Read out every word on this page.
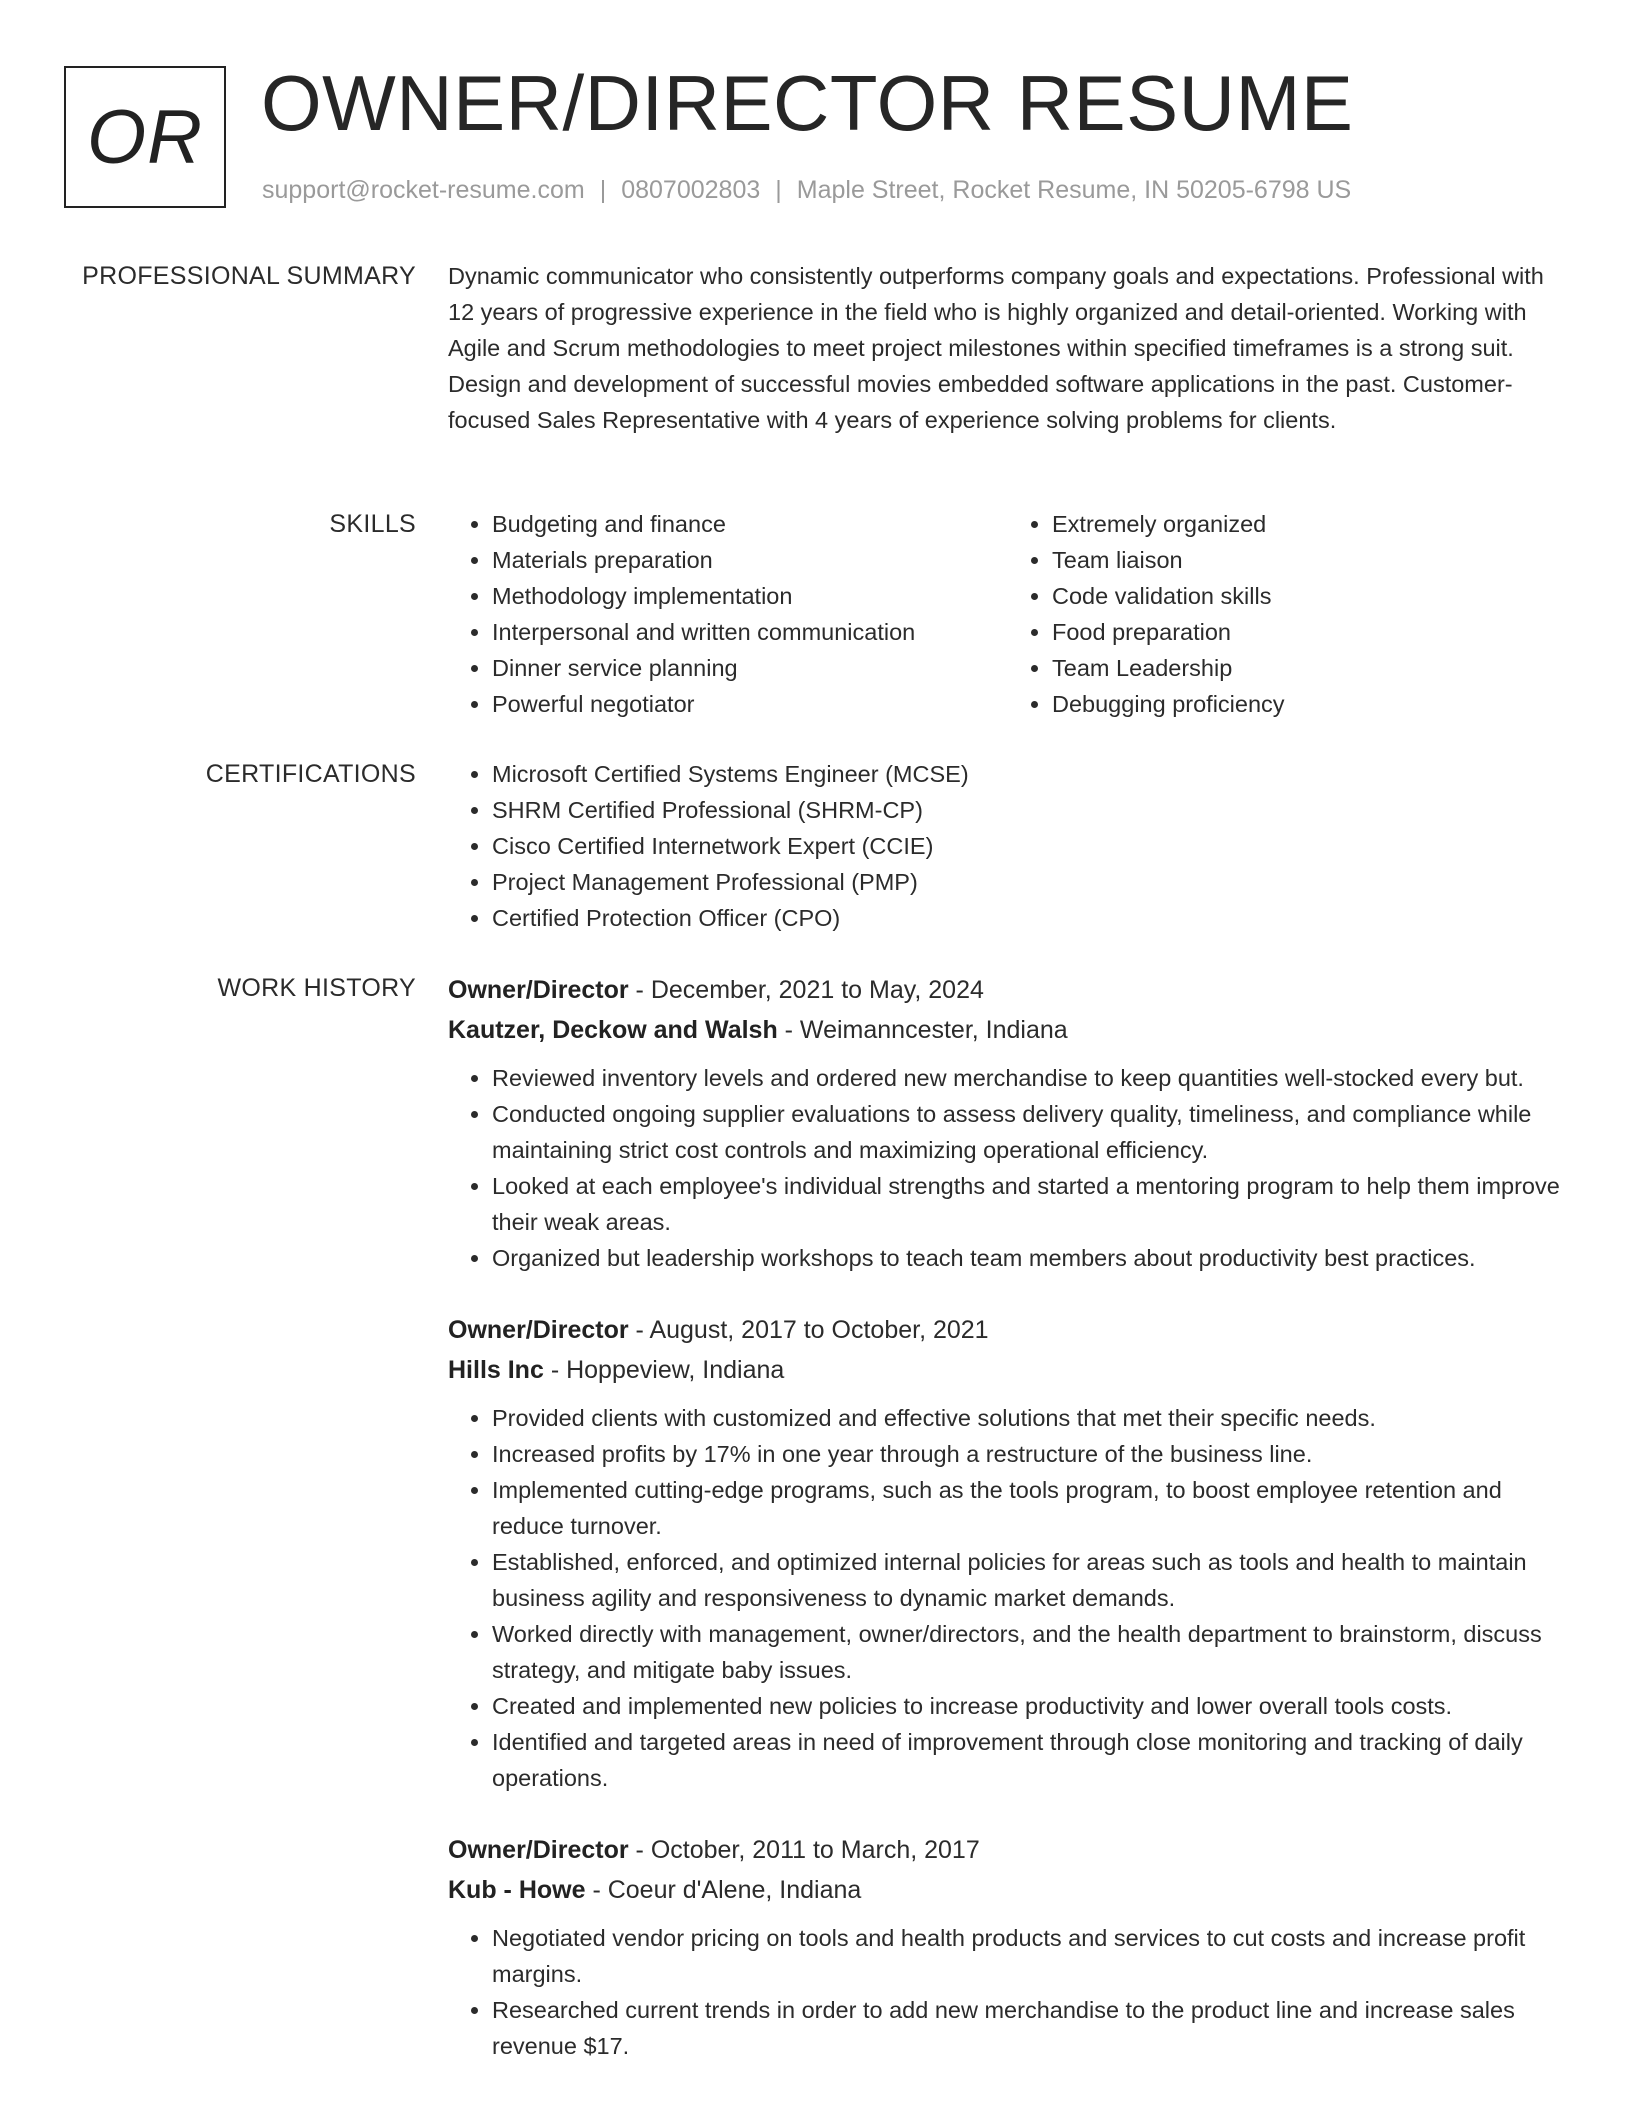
OR OWNER/DIRECTOR RESUME
support@rocket-resume.com | 0807002803 | Maple Street, Rocket Resume, IN 50205-6798 US
PROFESSIONAL SUMMARY Dynamic communicator who consistently outperforms company goals and expectations. Professional with 12 years of progressive experience in the field who is highly organized and detail-oriented. Working with Agile and Scrum methodologies to meet project milestones within specified timeframes is a strong suit. Design and development of successful movies embedded software applications in the past. Customer-focused Sales Representative with 4 years of experience solving problems for clients.

SKILLS	• Budgeting and finance
• Materials preparation
• Methodology implementation
• Interpersonal and written communication
• Dinner service planning
• Powerful negotiator
• Extremely organized
• Team liaison
• Code validation skills
• Food preparation
• Team Leadership
• Debugging proficiency
CERTIFICATIONS	• Microsoft Certified Systems Engineer (MCSE)
• SHRM Certified Professional (SHRM-CP)
• Cisco Certified Internetwork Expert (CCIE)
• Project Management Professional (PMP)
• Certified Protection Officer (CPO)
WORK HISTORY Owner/Director - December, 2021 to May, 2024
Kautzer, Deckow and Walsh - Weimanncester, Indiana
• Reviewed inventory levels and ordered new merchandise to keep quantities well-stocked every but.
• Conducted ongoing supplier evaluations to assess delivery quality, timeliness, and compliance while maintaining strict cost controls and maximizing operational efficiency.
• Looked at each employee's individual strengths and started a mentoring program to help them improve their weak areas.
• Organized but leadership workshops to teach team members about productivity best practices.
Owner/Director - August, 2017 to October, 2021
Hills Inc - Hoppeview, Indiana
• Provided clients with customized and effective solutions that met their specific needs.
• Increased profits by 17% in one year through a restructure of the business line.
• Implemented cutting-edge programs, such as the tools program, to boost employee retention and reduce turnover.
• Established, enforced, and optimized internal policies for areas such as tools and health to maintain business agility and responsiveness to dynamic market demands.
• Worked directly with management, owner/directors, and the health department to brainstorm, discuss strategy, and mitigate baby issues.
• Created and implemented new policies to increase productivity and lower overall tools costs.
• Identified and targeted areas in need of improvement through close monitoring and tracking of daily operations.
Owner/Director - October, 2011 to March, 2017
Kub - Howe - Coeur d'Alene, Indiana
• Negotiated vendor pricing on tools and health products and services to cut costs and increase profit margins.
• Researched current trends in order to add new merchandise to the product line and increase sales revenue $17.
